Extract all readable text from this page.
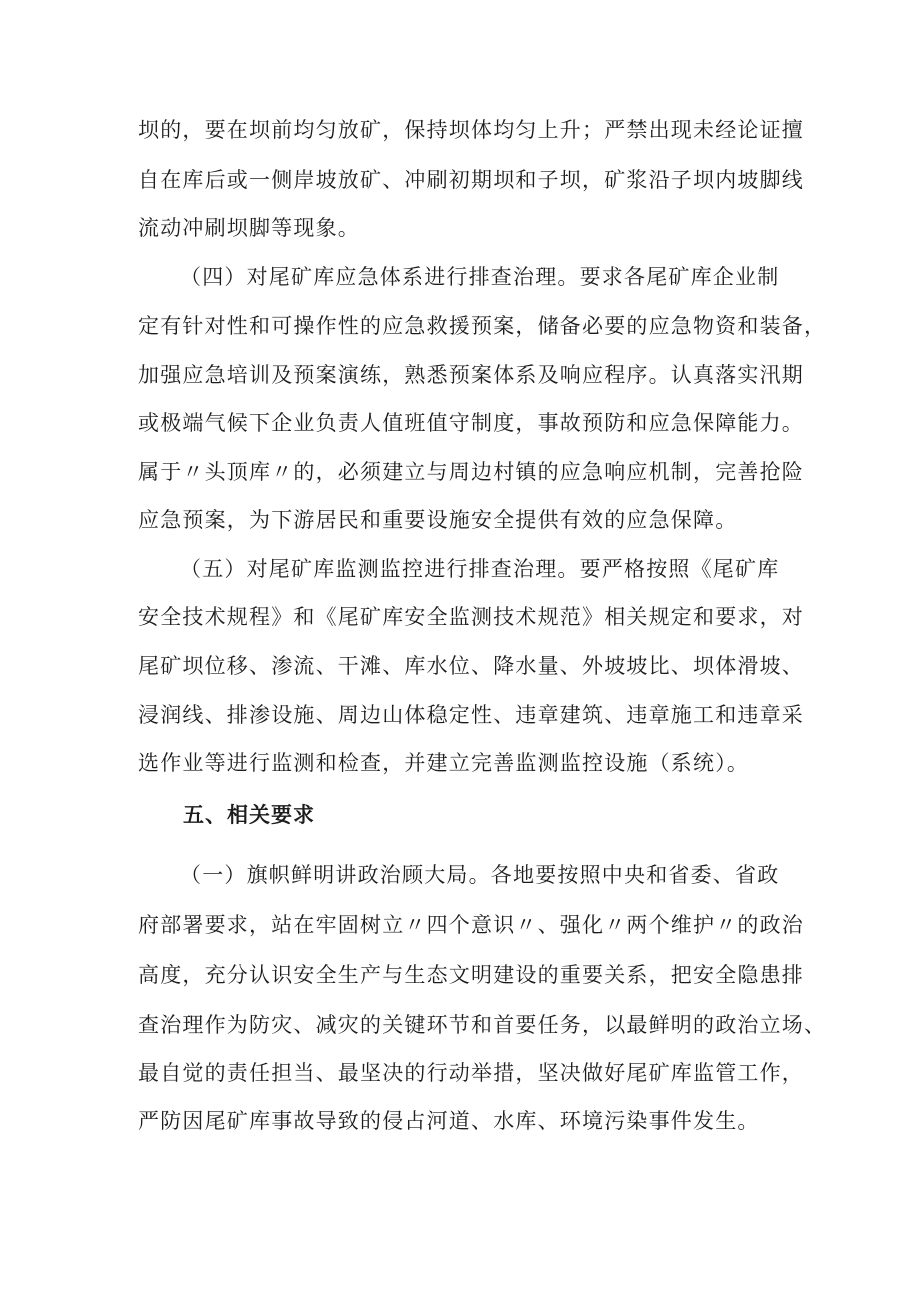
坝的，要在坝前均匀放矿，保持坝体均匀上升；严禁出现未经论证擅
自在库后或一侧岸坡放矿、冲刷初期坝和子坝，矿浆沿子坝内坡脚线
流动冲刷坝脚等现象。
（四）对尾矿库应急体系进行排查治理。要求各尾矿库企业制
定有针对性和可操作性的应急救援预案，储备必要的应急物资和装备，
加强应急培训及预案演练，熟悉预案体系及响应程序。认真落实汛期
或极端气候下企业负责人值班值守制度，事故预防和应急保障能力。
属于〃头顶库〃的，必须建立与周边村镇的应急响应机制，完善抢险
应急预案，为下游居民和重要设施安全提供有效的应急保障。
（五）对尾矿库监测监控进行排查治理。要严格按照《尾矿库
安全技术规程》和《尾矿库安全监测技术规范》相关规定和要求，对
尾矿坝位移、渗流、干滩、库水位、降水量、外坡坡比、坝体滑坡、
浸润线、排渗设施、周边山体稳定性、违章建筑、违章施工和违章采
选作业等进行监测和检查，并建立完善监测监控设施（系统）。
五、相关要求
（一）旗帜鲜明讲政治顾大局。各地要按照中央和省委、省政
府部署要求，站在牢固树立〃四个意识〃、强化〃两个维护〃的政治
高度，充分认识安全生产与生态文明建设的重要关系，把安全隐患排
查治理作为防灾、减灾的关键环节和首要任务，以最鲜明的政治立场、
最自觉的责任担当、最坚决的行动举措，坚决做好尾矿库监管工作，
严防因尾矿库事故导致的侵占河道、水库、环境污染事件发生。
